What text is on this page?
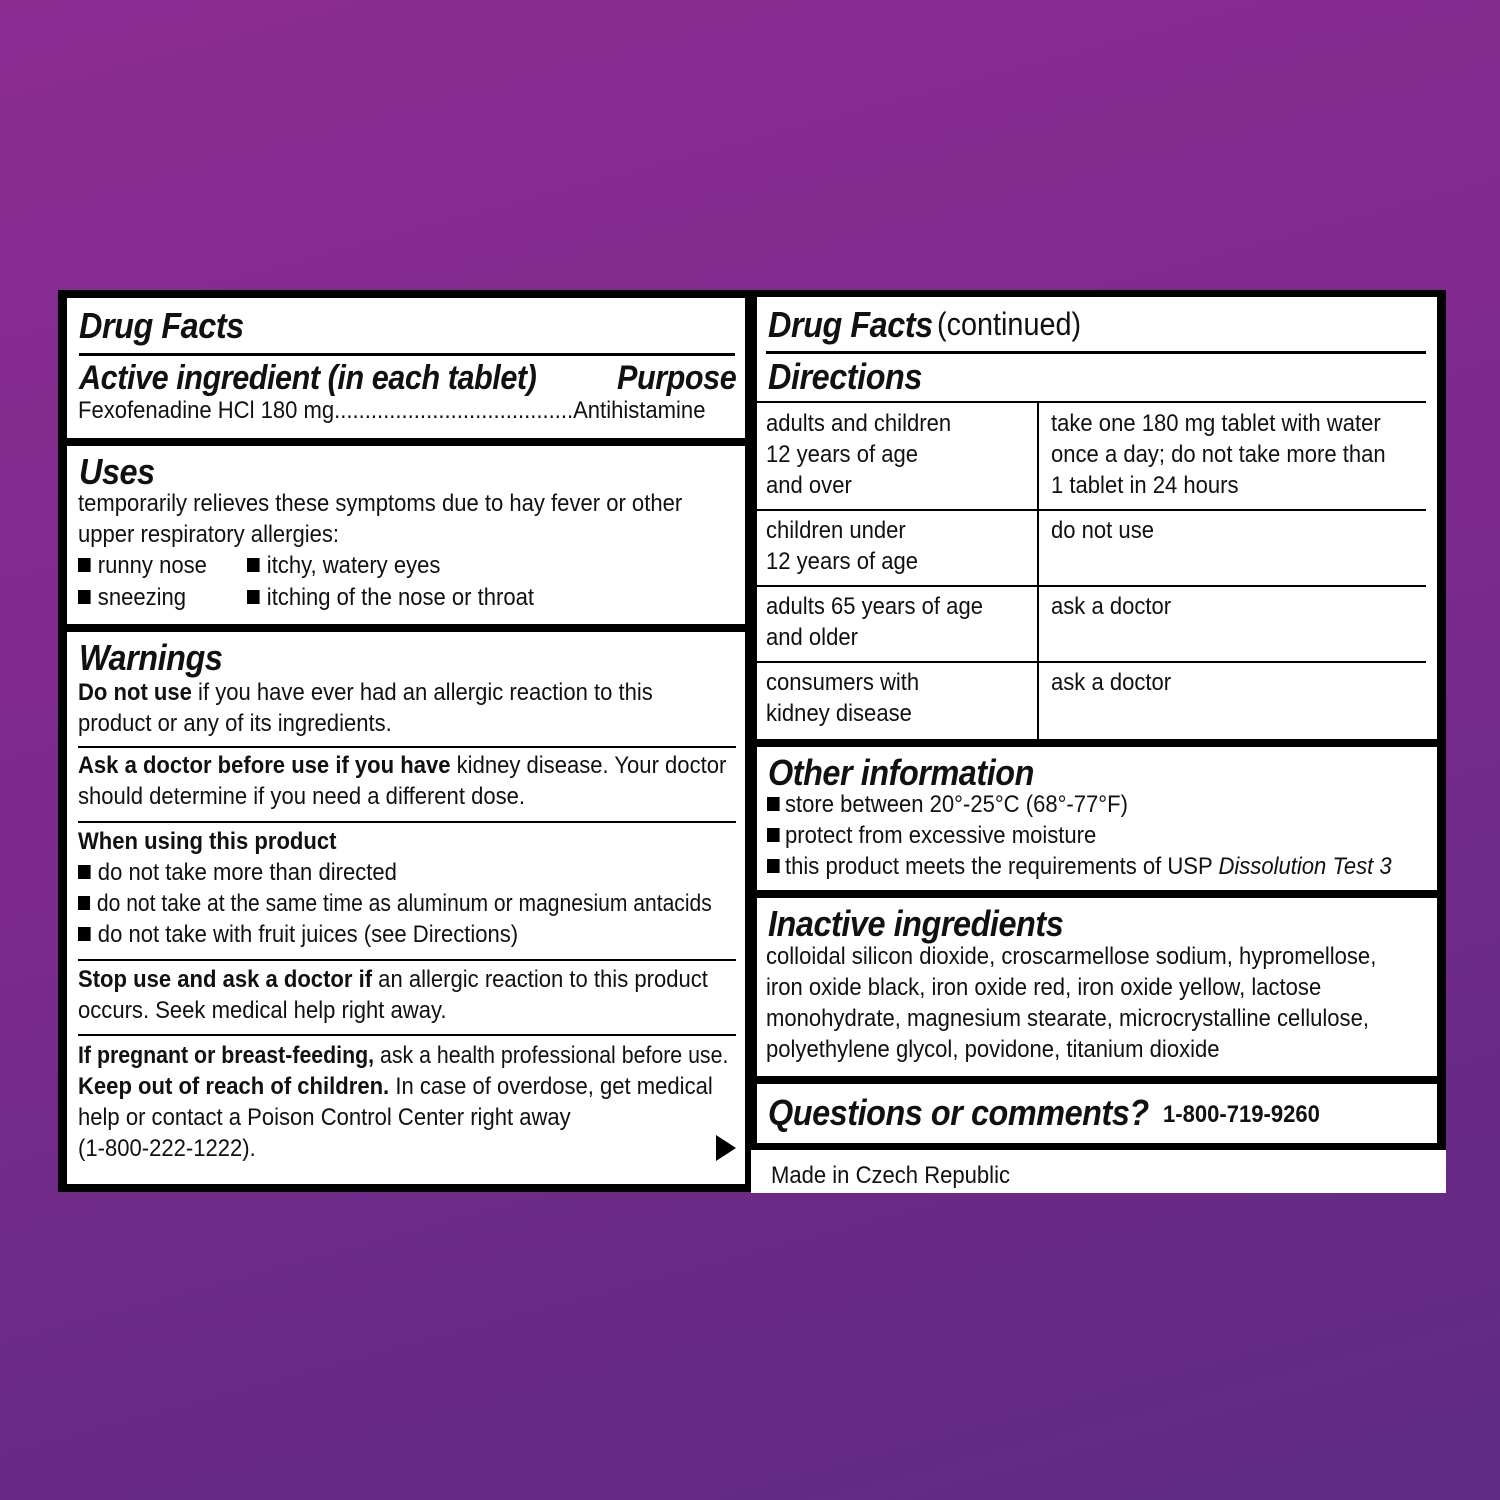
Drug Facts
Active ingredient (in each tablet) Purpose
Fexofenadine HCl 180 mg.......................................Antihistamine
Uses
temporarily relieves these symptoms due to hay fever or other
upper respiratory allergies:
runny nose	itchy, watery eyes
sneezing	itching of the nose or throat
Warnings
Do not use if you have ever had an allergic reaction to this
product or any of its ingredients.
Ask a doctor before use if you have kidney disease. Your doctor
should determine if you need a different dose.
When using this product
do not take more than directed
do not take at the same time as aluminum or magnesium antacids
do not take with fruit juices (see Directions)
Stop use and ask a doctor if an allergic reaction to this product
occurs. Seek medical help right away.
If pregnant or breast-feeding, ask a health professional before use.
Keep out of reach of children. In case of overdose, get medical
help or contact a Poison Control Center right away
(1-800-222-1222).
Drug Facts(continued)
Directions
adults and children
12 years of age
and over
take one 180 mg tablet with water
once a day; do not take more than
1 tablet in 24 hours
children under
12 years of age
do not use
adults 65 years of age
and older
ask a doctor
consumers with
kidney disease
ask a doctor
Other information
store between 20°-25°C (68°-77°F)
protect from excessive moisture
this product meets the requirements of USP Dissolution Test 3
Inactive ingredients
colloidal silicon dioxide, croscarmellose sodium, hypromellose,
iron oxide black, iron oxide red, iron oxide yellow, lactose
monohydrate, magnesium stearate, microcrystalline cellulose,
polyethylene glycol, povidone, titanium dioxide
Questions or comments? 1-800-719-9260
Made in Czech Republic
